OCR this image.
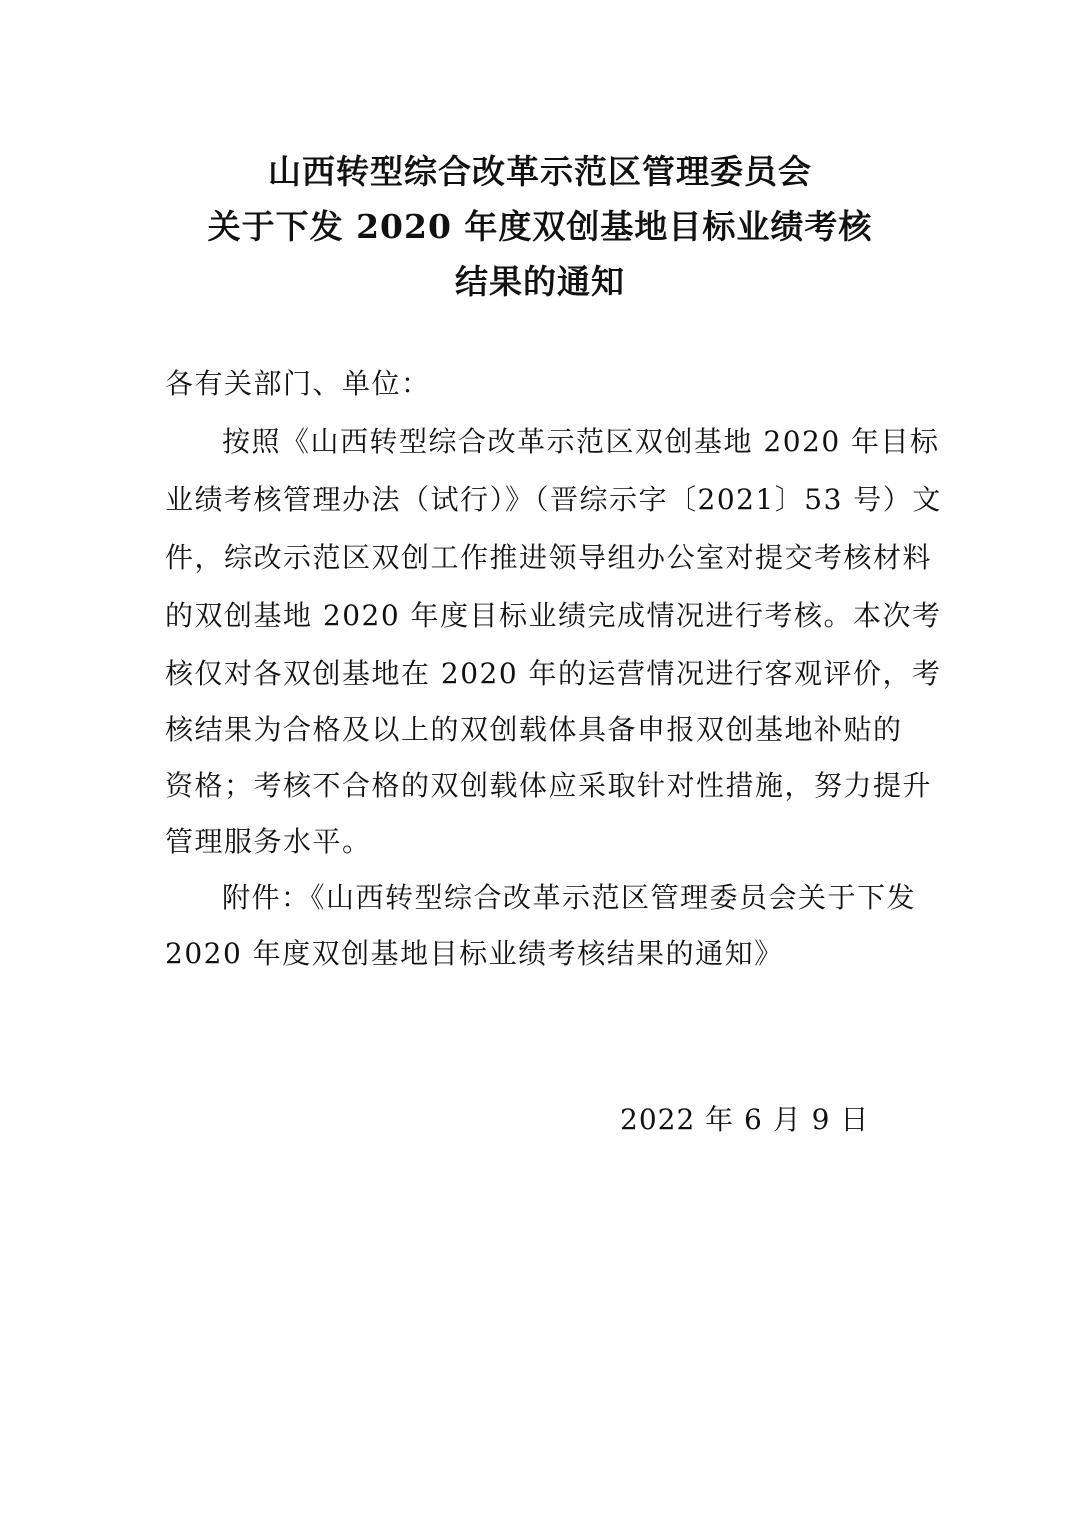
山西转型综合改革示范区管理委员会
关于下发 2020 年度双创基地目标业绩考核
结果的通知
各有关部门、单位：
按照《山西转型综合改革示范区双创基地 2020 年目标
业绩考核管理办法（试行）》（晋综示字〔2021〕53 号）文
件，综改示范区双创工作推进领导组办公室对提交考核材料
的双创基地 2020 年度目标业绩完成情况进行考核。本次考
核仅对各双创基地在 2020 年的运营情况进行客观评价，考
核结果为合格及以上的双创载体具备申报双创基地补贴的
资格；考核不合格的双创载体应采取针对性措施，努力提升
管理服务水平。
附件：《山西转型综合改革示范区管理委员会关于下发
2020 年度双创基地目标业绩考核结果的通知》
2022 年 6 月 9 日
